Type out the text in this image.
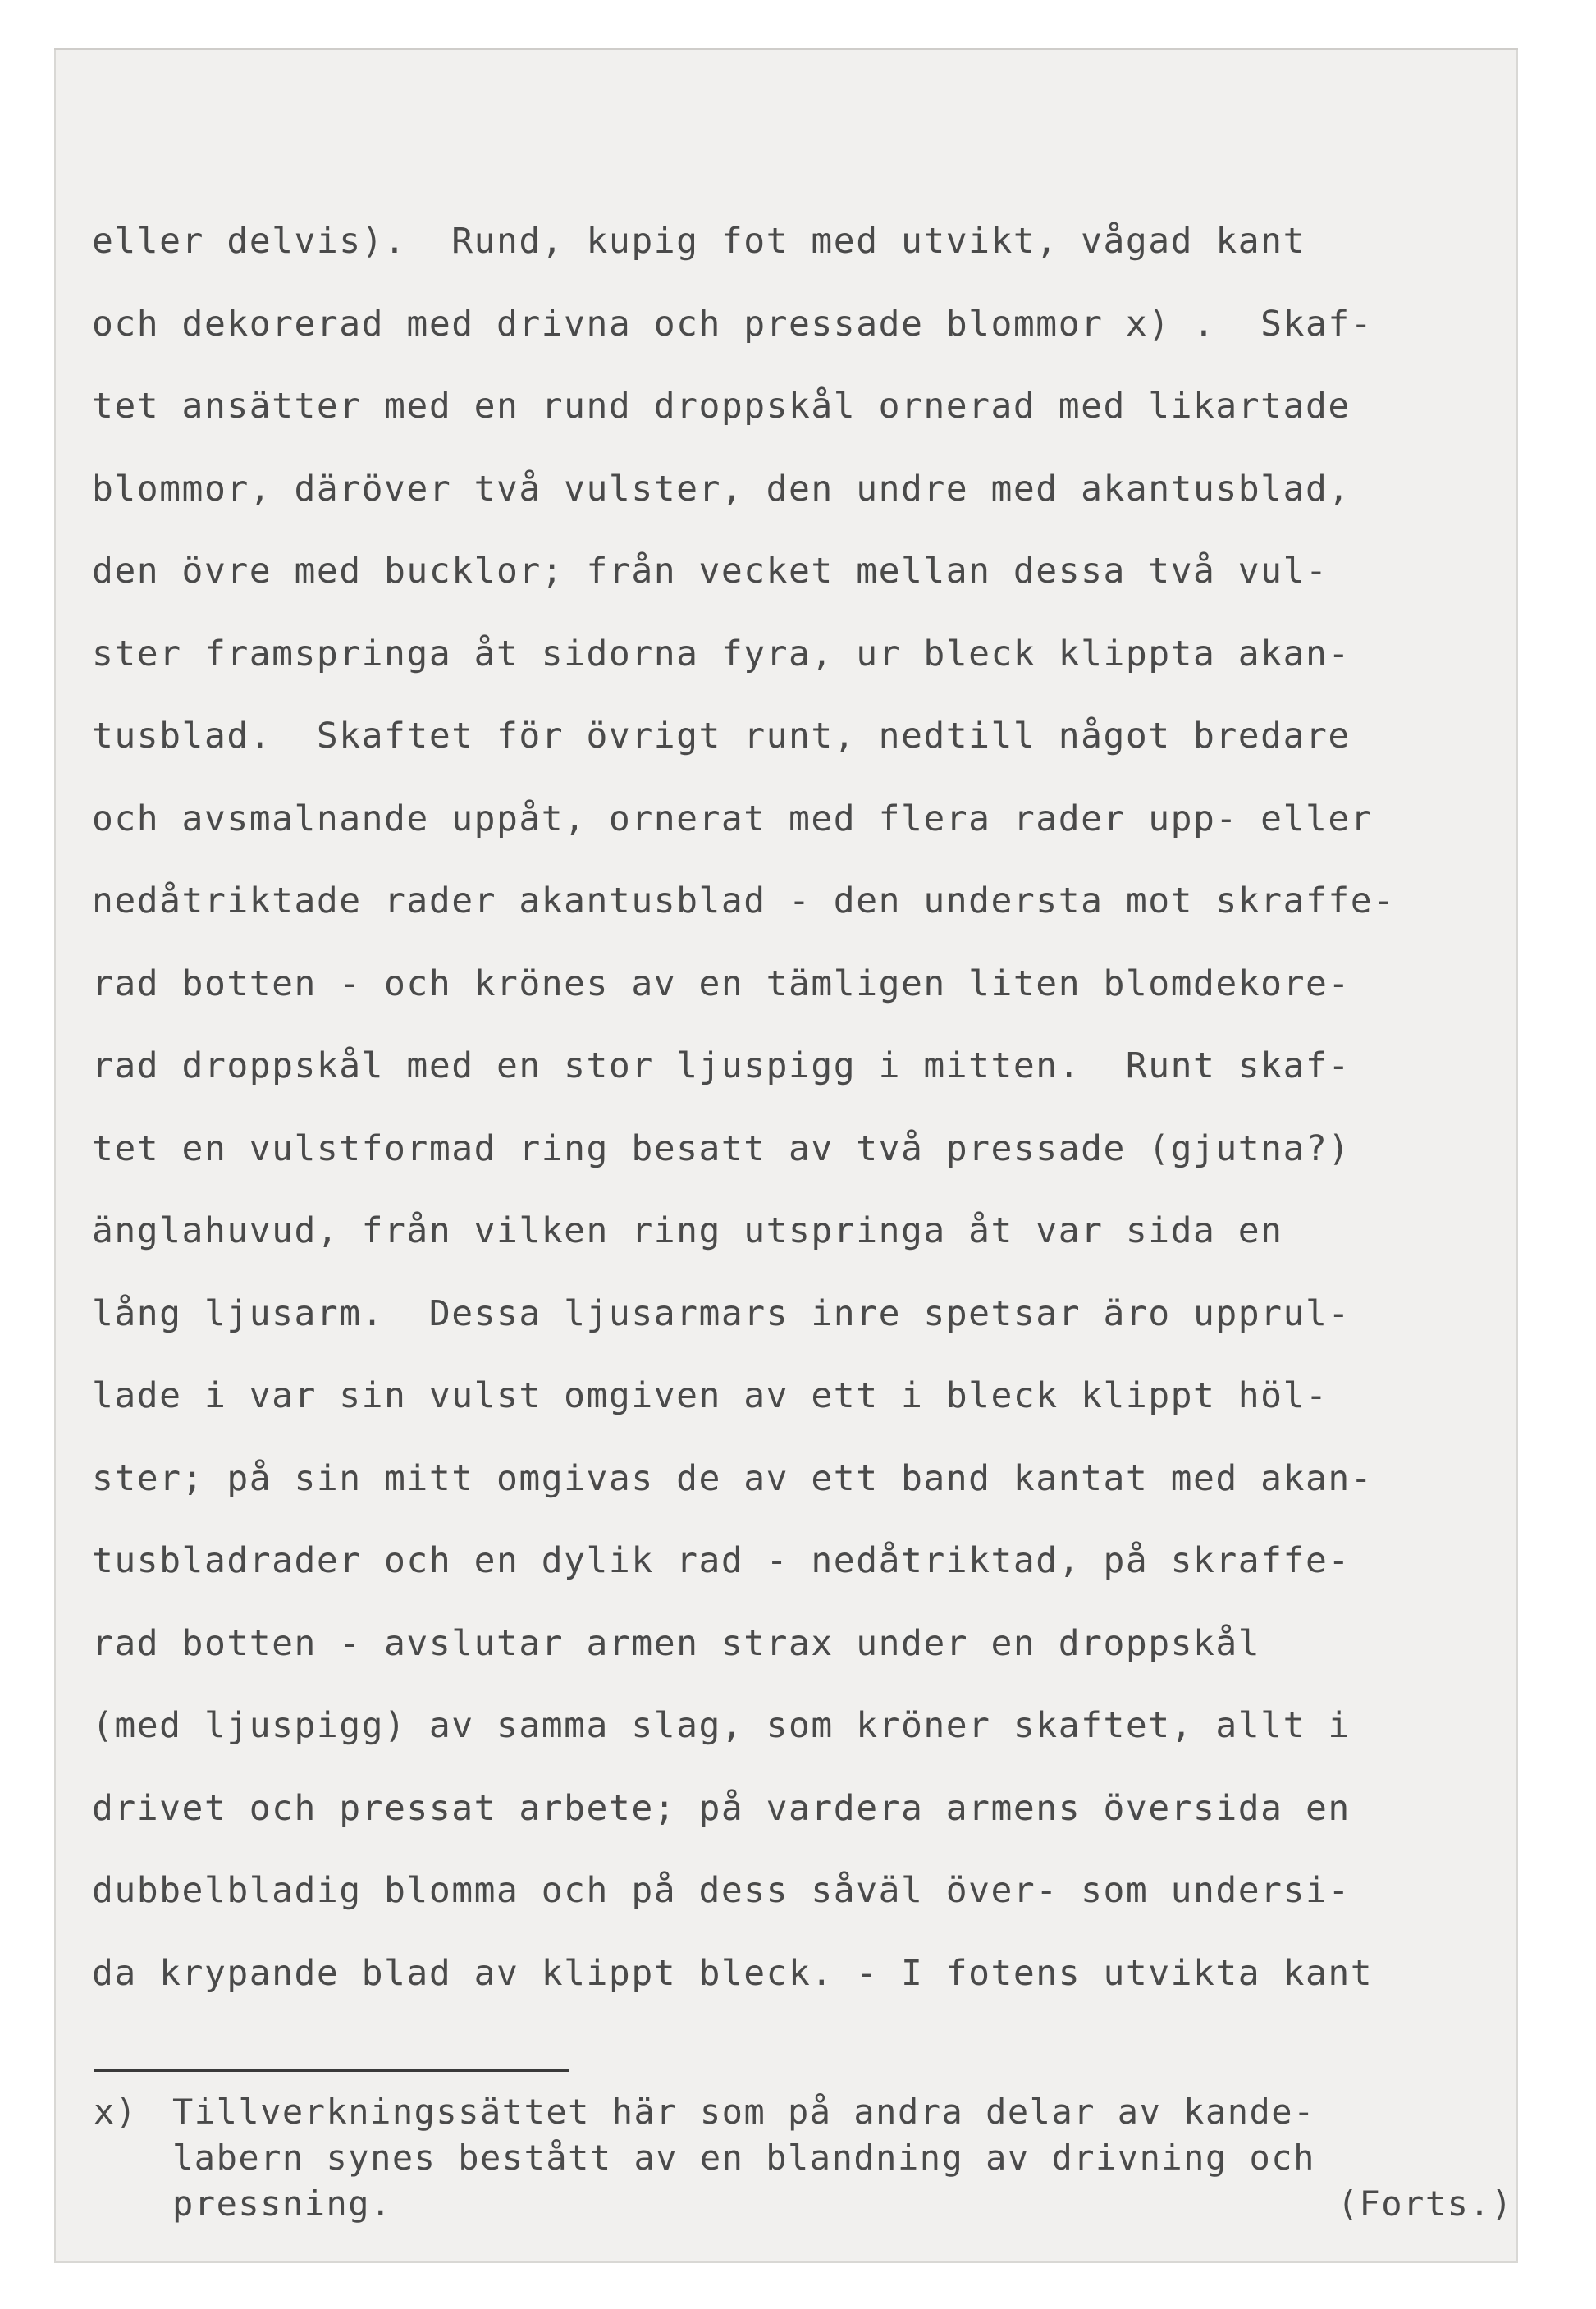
eller delvis).  Rund, kupig fot med utvikt, vågad kant
och dekorerad med drivna och pressade blommor x) .  Skaf-
tet ansätter med en rund droppskål ornerad med likartade
blommor, däröver två vulster, den undre med akantusblad,
den övre med bucklor; från vecket mellan dessa två vul-
ster framspringa åt sidorna fyra, ur bleck klippta akan-
tusblad.  Skaftet för övrigt runt, nedtill något bredare
och avsmalnande uppåt, ornerat med flera rader upp- eller
nedåtriktade rader akantusblad - den understa mot skraffe-
rad botten - och krönes av en tämligen liten blomdekore-
rad droppskål med en stor ljuspigg i mitten.  Runt skaf-
tet en vulstformad ring besatt av två pressade (gjutna?)
änglahuvud, från vilken ring utspringa åt var sida en
lång ljusarm.  Dessa ljusarmars inre spetsar äro upprul-
lade i var sin vulst omgiven av ett i bleck klippt höl-
ster; på sin mitt omgivas de av ett band kantat med akan-
tusbladrader och en dylik rad - nedåtriktad, på skraffe-
rad botten - avslutar armen strax under en droppskål
(med ljuspigg) av samma slag, som kröner skaftet, allt i
drivet och pressat arbete; på vardera armens översida en
dubbelbladig blomma och på dess såväl över- som undersi-
da krypande blad av klippt bleck. - I fotens utvikta kant
x)	Tillverkningssättet här som på andra delar av kande-
labern synes bestått av en blandning av drivning och
pressning.	(Forts.)
